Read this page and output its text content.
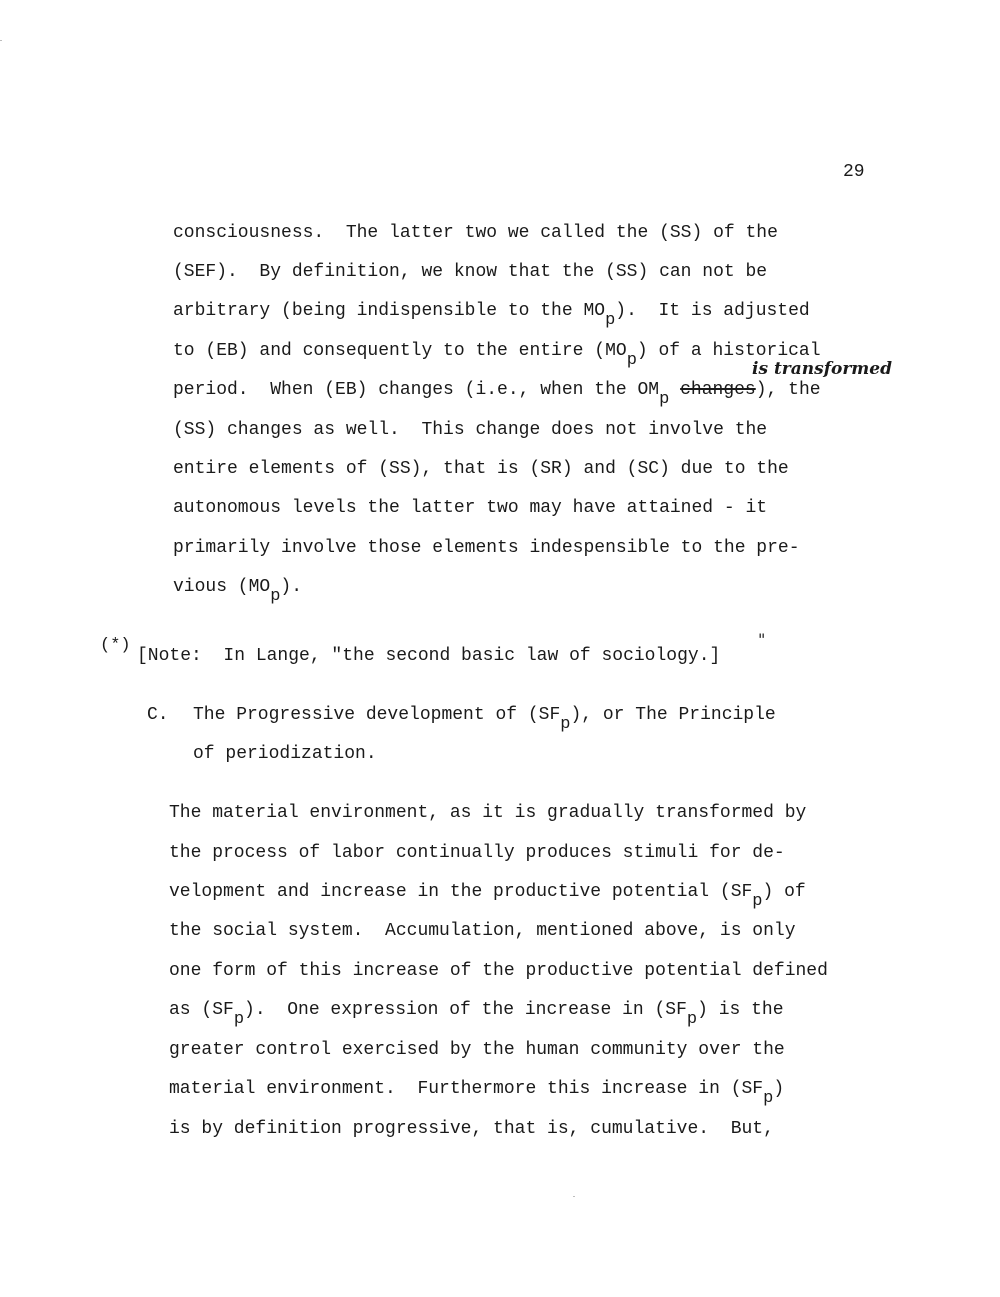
29
consciousness.  The latter two we called the (SS) of the
(SEF).  By definition, we know that the (SS) can not be
arbitrary (being indispensible to the MOp).  It is adjusted
to (EB) and consequently to the entire (MOp) of a historical
is transformed
period.  When (EB) changes (i.e., when the OMp changes), the
(SS) changes as well.  This change does not involve the
entire elements of (SS), that is (SR) and (SC) due to the
autonomous levels the latter two may have attained - it
primarily involve those elements indespensible to the pre-
vious (MOp).
(*)
[Note:  In Lange, "the second basic law of sociology.]
"
C. The Progressive development of (SFp), or The Principle
of periodization.
The material environment, as it is gradually transformed by
the process of labor continually produces stimuli for de-
velopment and increase in the productive potential (SFp) of
the social system.  Accumulation, mentioned above, is only
one form of this increase of the productive potential defined
as (SFp).  One expression of the increase in (SFp) is the
greater control exercised by the human community over the
material environment.  Furthermore this increase in (SFp)
is by definition progressive, that is, cumulative.  But,
